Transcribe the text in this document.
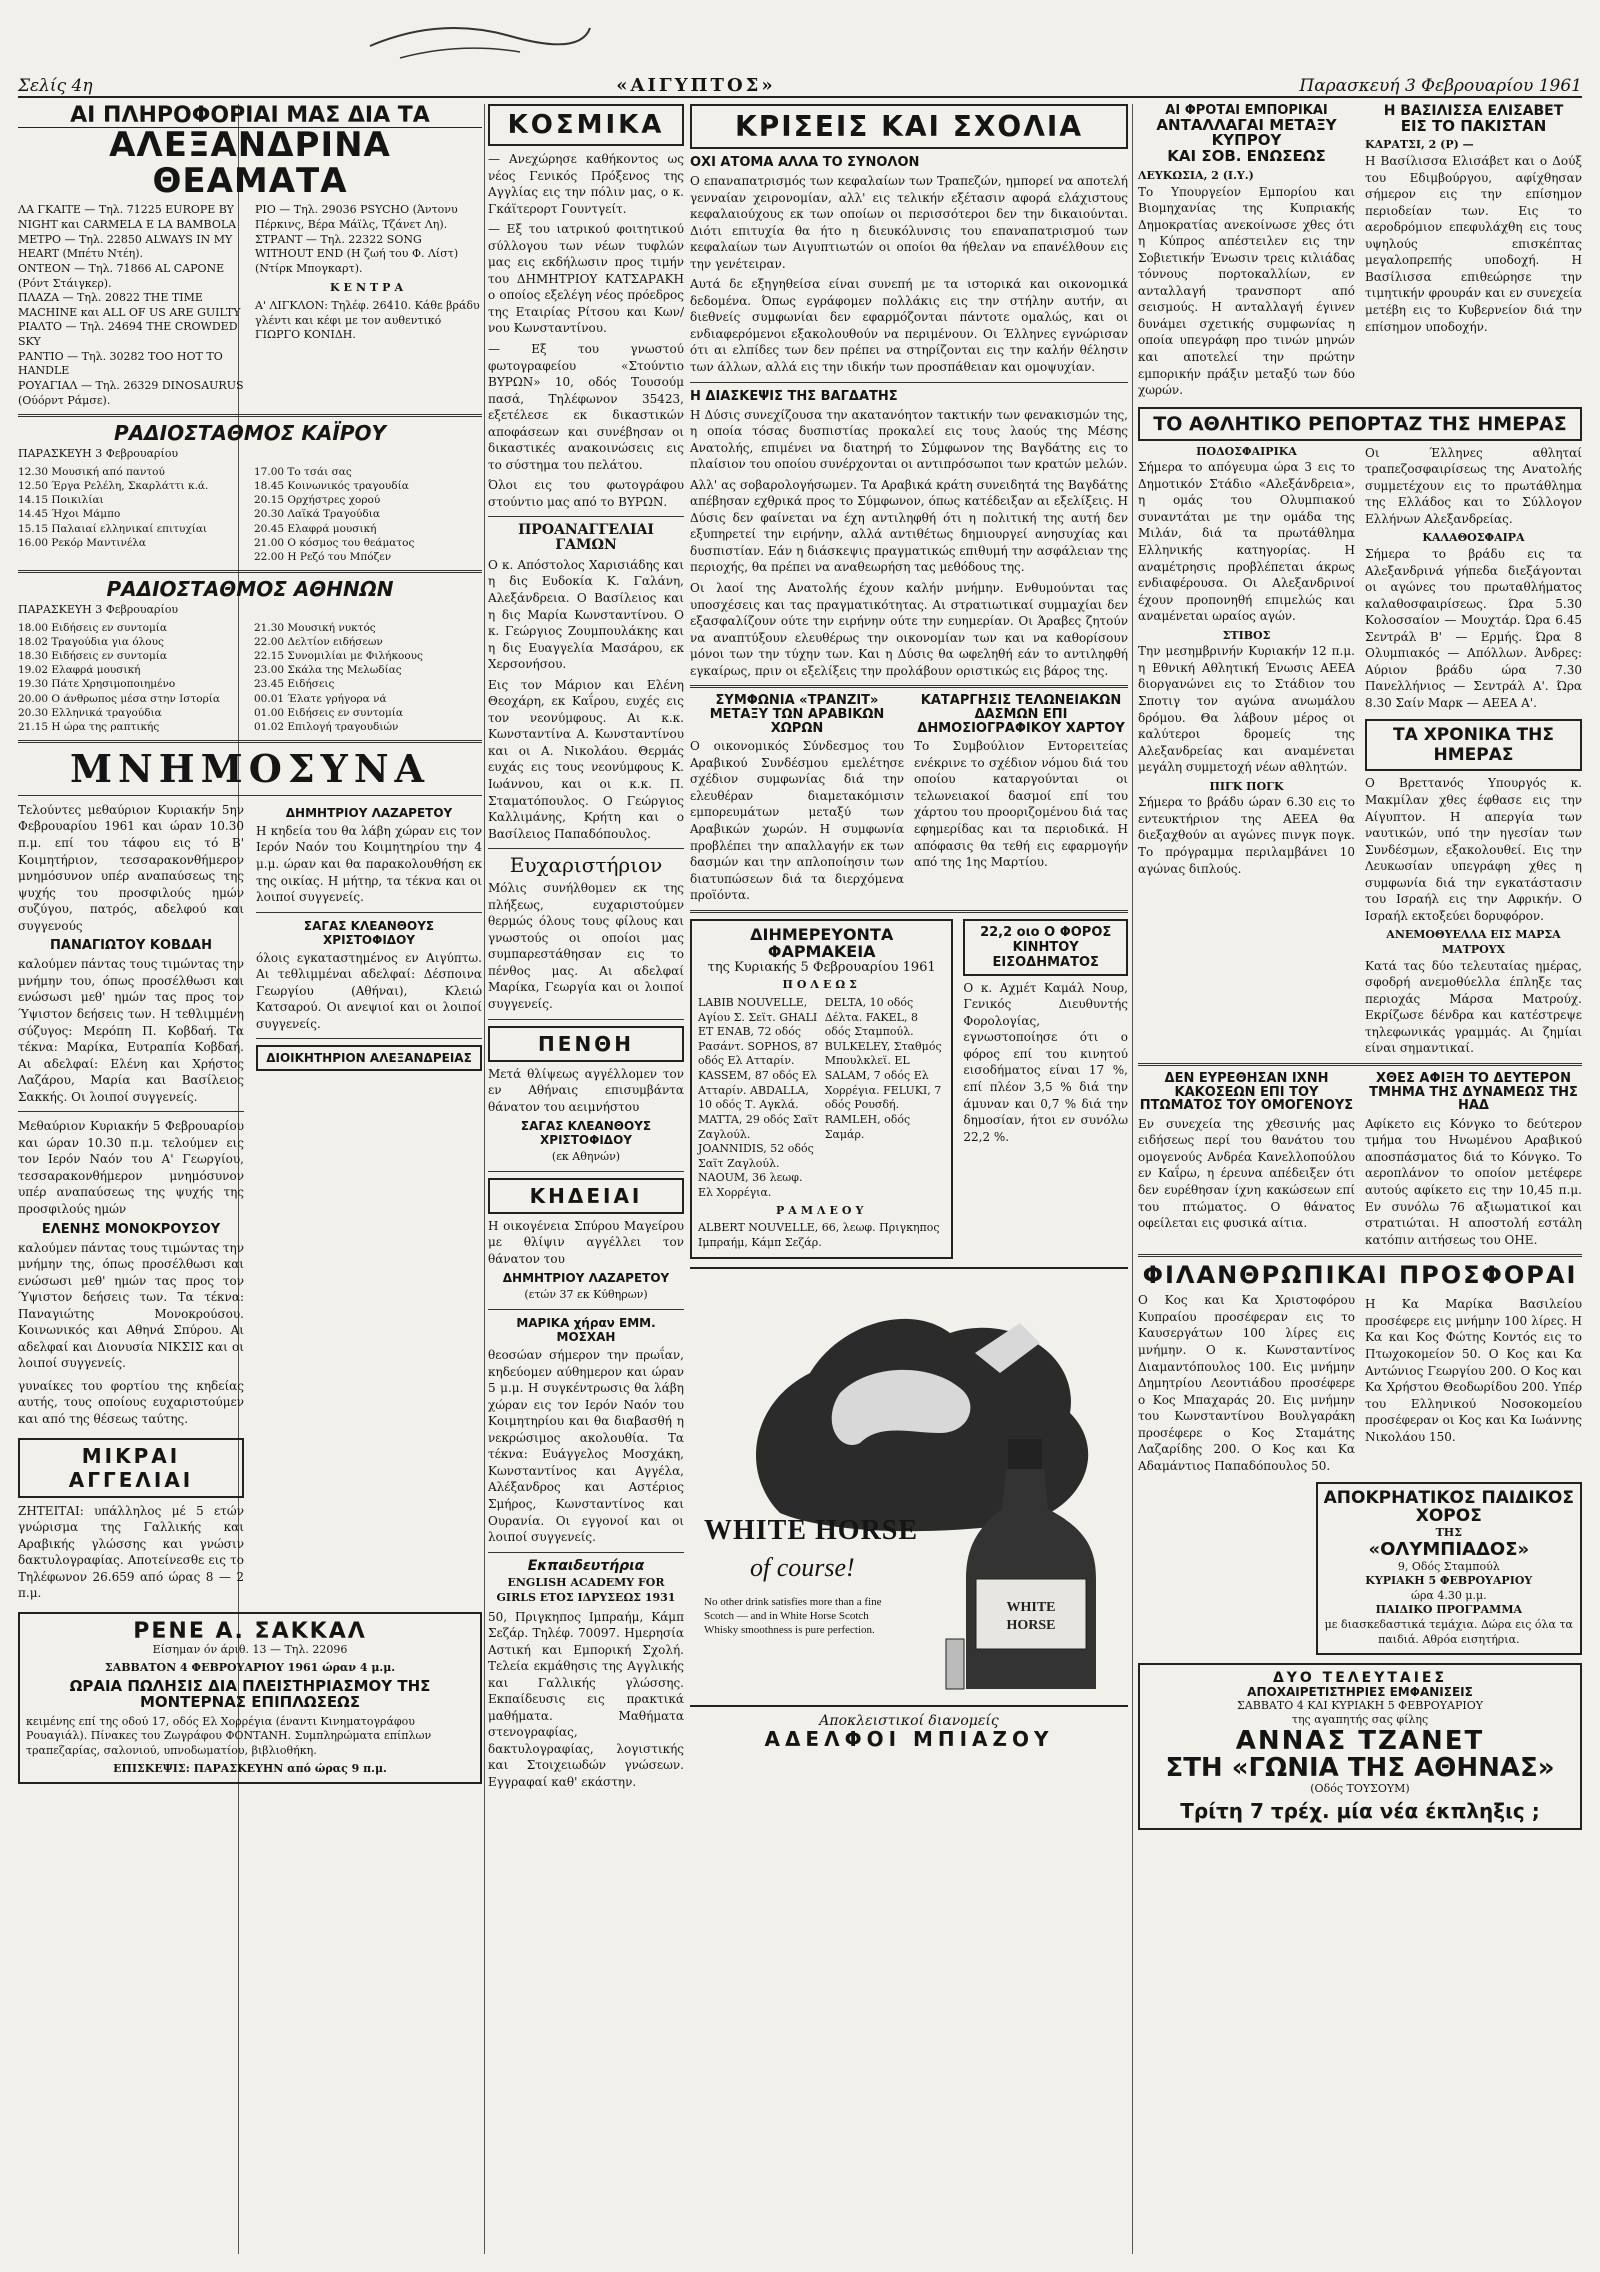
Σελίς 4η	«ΑΙΓΥΠΤΟΣ»	Παρασκευή 3 Φεβρουαρίου 1961
ΑΙ ΠΛΗΡΟΦΟΡΙΑΙ ΜΑΣ ΔΙΑ ΤΑ
ΑΛΕΞΑΝΔΡΙΝΑ ΘΕΑΜΑΤΑ
ΛΑ ΓΚΑΙΤΕ — Τηλ. 71225 EUROPE BY NIGHT και CARMELA E LA BAMBOLA
ΜΕΤΡΟ — Τηλ. 22850 ALWAYS IN MY HEART (Μπέτυ Ντέη).
ΟΝΤΕΟΝ — Τηλ. 71866 AL CAPONE (Ρόντ Στάιγκερ).
ΠΛΑΖΑ — Τηλ. 20822 THE TIME MACHINE και ALL OF US ARE GUILTY
ΡΙΑΛΤΟ — Τηλ. 24694 THE CROWDED SKY
ΡΑΝΤΙΟ — Τηλ. 30282 TOO HOT TO HANDLE
ΡΟΥΑΓΙΑΛ — Τηλ. 26329 DINOSAURUS (Ούόρντ Ράμσε).
ΡΙΟ — Τηλ. 29036 PSYCHO (Άντονυ Πέρκινς, Βέρα Μάϊλς, Τζάνετ Λη).
ΣΤΡΑΝΤ — Τηλ. 22322 SONG WITHOUT END (Η ζωή του Φ. Λίστ) (Ντίρκ Μπογκαρτ).
ΚΕΝΤΡΑ
Α' ΛΙΓΚΛΟΝ: Τηλέφ. 26410. Κάθε βράδυ γλέντι και κέφι με τον αυθεντικό ΓΙΩΡΓΟ ΚΟΝΙΔΗ.
ΡΑΔΙΟΣΤΑΘΜΟΣ ΚΑΪΡΟΥ
ΠΑΡΑΣΚΕΥΗ 3 Φεβρουαρίου
12.30 Μουσική από παντού
12.50 Έργα Ρελέλη, Σκαρλάττι κ.ά.
14.15 Ποικιλίαι
14.45 Ήχοι Μάμπο
15.15 Παλαιαί ελληνικαί επιτυχίαι
16.00 Ρεκόρ Μαντινέλα
17.00 Το τσάι σας
18.45 Κοινωνικός τραγουδία
20.15 Ορχήστρες χορού
20.30 Λαϊκά Τραγούδια
20.45 Ελαφρά μουσική
21.00 Ο κόσμος του θεάματος
22.00 Η Ρεζό του Μπόζεν
ΡΑΔΙΟΣΤΑΘΜΟΣ ΑΘΗΝΩΝ
ΠΑΡΑΣΚΕΥΗ 3 Φεβρουαρίου
18.00 Ειδήσεις εν συντομία
18.02 Τραγούδια για όλους
18.30 Ειδήσεις εν συντομία
19.02 Ελαφρά μουσική
19.30 Πάτε Χρησιμοποιημένο
20.00 Ο άνθρωπος μέσα στην Ιστορία
20.30 Ελληνικά τραγούδια
21.15 Η ώρα της ραπτικής
21.30 Μουσική νυκτός
22.00 Δελτίον ειδήσεων
22.15 Συνομιλίαι με Φιλήκοους
23.00 Σκάλα της Μελωδίας
23.45 Ειδήσεις
00.01 Έλατε γρήγορα νά
01.00 Ειδήσεις εν συντομία
01.02 Επιλογή τραγουδιών
ΜΝΗΜΟΣΥΝΑ
Τελούντες μεθαύριον Κυριακήν 5ην Φεβρουαρίου 1961 και ώραν 10.30 π.μ. επί του τάφου εις τό Β' Κοιμητήριον, τεσσαρακονθήμερον μνημόσυνον υπέρ αναπαύσεως της ψυχής του προσφιλούς ημών συζύγου, πατρός, αδελφού και συγγενούς
ΠΑΝΑΓΙΩΤΟΥ ΚΟΒΔΑΗ
καλούμεν πάντας τους τιμώντας την μνήμην του, όπως προσέλθωσι και ενώσωσι μεθ' ημών τας προς τον Ύψιστον δεήσεις των. Η τεθλιμμένη σύζυγος: Μερόπη Π. Κοβδαή. Τα τέκνα: Μαρίκα, Ευτραπία Κοβδαή. Αι αδελφαί: Ελένη και Χρήστος Λαζάρου, Μαρία και Βασίλειος Σακκής. Οι λοιποί συγγενείς.
Μεθαύριον Κυριακήν 5 Φεβρουαρίου και ώραν 10.30 π.μ. τελούμεν εις τον Ιερόν Ναόν του Α' Γεωργίου, τεσσαρακονθήμερον μνημόσυνον υπέρ αναπαύσεως της ψυχής της προσφιλούς ημών
ΕΛΕΝΗΣ ΜΟΝΟΚΡΟΥΣΟΥ
καλούμεν πάντας τους τιμώντας την μνήμην της, όπως προσέλθωσι και ενώσωσι μεθ' ημών τας προς τον Ύψιστον δεήσεις των. Τα τέκνα: Παναγιώτης Μονοκρούσου. Κοινωνικός και Αθηνά Σπύρου. Αι αδελφαί και Διονυσία ΝΙΚΣΙΣ και οι λοιποί συγγενείς.
γυναίκες του φορτίου της κηδείας αυτής, τους οποίους ευχαριστούμεν και από της θέσεως ταύτης.
ΜΙΚΡΑΙ ΑΓΓΕΛΙΑΙ
ΖΗΤΕΙΤΑΙ: υπάλληλος μέ 5 ετών γνώρισμα της Γαλλικής και Αραβικής γλώσσης και γνώσιν δακτυλογραφίας. Αποτείνεσθε εις το Τηλέφωνον 26.659 από ώρας 8 — 2 π.μ.
ΔΗΜΗΤΡΙΟΥ ΛΑΖΑΡΕΤΟΥ
Η κηδεία του θα λάβη χώραν εις τον Ιερόν Ναόν του Κοιμητηρίου την 4 μ.μ. ώραν και θα παρακολουθήση εκ της οικίας. Η μήτηρ, τα τέκνα και οι λοιποί συγγενείς.
ΣΑΓΑΣ ΚΛΕΑΝΘΟΥΣ ΧΡΙΣΤΟΦΙΔΟΥ
όλοις εγκαταστημένος εν Αιγύπτω. Αι τεθλιμμέναι αδελφαί: Δέσποινα Γεωργίου (Αθήναι), Κλειώ Κατσαρού. Οι ανεψιοί και οι λοιποί συγγενείς.
ΔΙΟΙΚΗΤΗΡΙΟΝ ΑΛΕΞΑΝΔΡΕΙΑΣ
ΡΕΝΕ Α. ΣΑΚΚΑΛ
Είσημαν όν άριθ. 13 — Τηλ. 22096
ΣΑΒΒΑΤΟΝ 4 ΦΕΒΡΟΥΑΡΙΟΥ 1961 ώραν 4 μ.μ.
ΩΡΑΙΑ ΠΩΛΗΣΙΣ ΔΙΑ ΠΛΕΙΣΤΗΡΙΑΣΜΟΥ ΤΗΣ ΜΟΝΤΕΡΝΑΣ ΕΠΙΠΛΩΣΕΩΣ
κειμένης επί της οδού 17, οδός Ελ Χορρέγια (έναντι Κινηματογράφου Ρουαγιάλ). Πίνακες του Ζωγράφου ΦΟΝΤΑΝΗ. Συμπληρώματα επίπλων τραπεζαρίας, σαλονιού, υπνοδωματίου, βιβλιοθήκη.
ΕΠΙΣΚΕΨΙΣ: ΠΑΡΑΣΚΕΥΗΝ από ώρας 9 π.μ.
ΚΟΣΜΙΚΑ
— Ανεχώρησε καθήκοντος ως νέος Γενικός Πρόξενος της Αγγλίας εις την πόλιν μας, ο κ. Γκάϊτερορτ Γουντγείτ.
— Εξ του ιατρικού φοιτητικού σύλλογου των νέων τυφλών μας εις εκδήλωσιν προς τιμήν του ΔΗΜΗΤΡΙΟΥ ΚΑΤΣΑΡΑΚΗ ο οποίος εξελέγη νέος πρόεδρος της Εταιρίας Ρίτσου και Κων/νου Κωνσταντίνου.
— Εξ του γνωστού φωτογραφείου «Στούντιο ΒΥΡΩΝ» 10, οδός Τουσούμ πασά, Τηλέφωνον 35423, εξετέλεσε εκ δικαστικών αποφάσεων και συνέβησαν οι δικαστικές ανακοινώσεις εις το σύστημα του πελάτου.
Όλοι εις του φωτογράφου στούντιο μας από το ΒΥΡΩΝ.
ΠΡΟΑΝΑΓΓΕΛΙΑΙ ΓΑΜΩΝ
Ο κ. Απόστολος Χαρισιάδης και η δις Ευδοκία Κ. Γαλάνη, Αλεξάνδρεια. Ο Βασίλειος και η δις Μαρία Κωνσταντίνου. Ο κ. Γεώργιος Ζουμπουλάκης και η δις Ευαγγελία Μασάρου, εκ Χερσονήσου.
Εις τον Μάριον και Ελένη Θεοχάρη, εκ Καΐρου, ευχές εις τον νεονύμφους. Αι κ.κ. Κωνσταντίνα Α. Κωνσταντίνου και οι Α. Νικολάου. Θερμάς ευχάς εις τους νεονύμφους Κ. Ιωάννου, και οι κ.κ. Π. Σταματόπουλος. Ο Γεώργιος Καλλιμάνης, Κρήτη και ο Βασίλειος Παπαδόπουλος.
Ευχαριστήριον
Μόλις συνήλθομεν εκ της πλήξεως, ευχαριστούμεν θερμώς όλους τους φίλους και γνωστούς οι οποίοι μας συμπαρεστάθησαν εις το πένθος μας. Αι αδελφαί Μαρίκα, Γεωργία και οι λοιποί συγγενείς.
ΠΕΝΘΗ
Μετά θλίψεως αγγέλλομεν τον εν Αθήναις επισυμβάντα θάνατον του αειμνήστου
ΣΑΓΑΣ ΚΛΕΑΝΘΟΥΣ ΧΡΙΣΤΟΦΙΔΟΥ
(εκ Αθηνών)
ΚΗΔΕΙΑΙ
Η οικογένεια Σπύρου Μαγείρου με θλίψιν αγγέλλει τον θάνατον του
ΔΗΜΗΤΡΙΟΥ ΛΑΖΑΡΕΤΟΥ
(ετών 37 εκ Κύθηρων)
ΜΑΡΙΚΑ χήραν ΕΜΜ. ΜΟΣΧΑΗ
θεοσώαν σήμερον την πρωΐαν, κηδεύομεν αύθημερον και ώραν 5 μ.μ. Η συγκέντρωσις θα λάβη χώραν εις τον Ιερόν Ναόν του Κοιμητηρίου και θα διαβασθή η νεκρώσιμος ακολουθία. Τα τέκνα: Ευάγγελος Μοσχάκη, Κωνσταντίνος και Αγγέλα, Αλέξανδρος και Αστέριος Σμήρος, Κωνσταντίνος και Ουρανία. Οι εγγονοί και οι λοιποί συγγενείς.
Εκπαιδευτήρια
ENGLISH ACADEMY FOR GIRLS ΕΤΟΣ ΙΔΡΥΣΕΩΣ 1931
50, Πριγκηπος Ιμπραήμ, Κάμπ Σεζάρ. Τηλέφ. 70097. Ημερησία Αστική και Εμπορική Σχολή. Τελεία εκμάθησις της Αγγλικής και Γαλλικής γλώσσης. Εκπαίδευσις εις πρακτικά μαθήματα. Μαθήματα στενογραφίας, δακτυλογραφίας, λογιστικής και Στοιχειωδών γνώσεων. Εγγραφαί καθ' εκάστην.
ΚΡΙΣΕΙΣ ΚΑΙ ΣΧΟΛΙΑ
ΟΧΙ ΑΤΟΜΑ ΑΛΛΑ ΤΟ ΣΥΝΟΛΟΝ
Ο επαναπατρισμός των κεφαλαίων των Τραπεζών, ημπορεί να αποτελή γενναίαν χειρονομίαν, αλλ' εις τελικήν εξέτασιν αφορά ελάχιστους κεφαλαιούχους εκ των οποίων οι περισσότεροι δεν την δικαιούνται. Διότι επιτυχία θα ήτο η διευκόλυνσις του επαναπατρισμού των κεφαλαίων των Αιγυπτιωτών οι οποίοι θα ήθελαν να επανέλθουν εις την γενέτειραν.
Αυτά δε εξηγηθείσα είναι συνεπή με τα ιστορικά και οικονομικά δεδομένα. Όπως εγράφομεν πολλάκις εις την στήλην αυτήν, αι διεθνείς συμφωνίαι δεν εφαρμόζονται πάντοτε ομαλώς, και οι ενδιαφερόμενοι εξακολουθούν να περιμένουν. Οι Έλληνες εγνώρισαν ότι αι ελπίδες των δεν πρέπει να στηρίζονται εις την καλήν θέλησιν των άλλων, αλλά εις την ιδικήν των προσπάθειαν και ομοψυχίαν.
Η ΔΙΑΣΚΕΨΙΣ ΤΗΣ ΒΑΓΔΑΤΗΣ
Η Δύσις συνεχίζουσα την ακατανόητον τακτικήν των φενακισμών της, η οποία τόσας δυσπιστίας προκαλεί εις τους λαούς της Μέσης Ανατολής, επιμένει να διατηρή το Σύμφωνον της Βαγδάτης εις το πλαίσιον του οποίου συνέρχονται οι αντιπρόσωποι των κρατών μελών.
Αλλ' ας σοβαρολογήσωμεν. Τα Αραβικά κράτη συνειδητά της Βαγδάτης απέβησαν εχθρικά προς το Σύμφωνον, όπως κατέδειξαν αι εξελίξεις. Η Δύσις δεν φαίνεται να έχη αντιληφθή ότι η πολιτική της αυτή δεν εξυπηρετεί την ειρήνην, αλλά αντιθέτως δημιουργεί ανησυχίας και δυσπιστίαν. Εάν η διάσκεψις πραγματικώς επιθυμή την ασφάλειαν της περιοχής, θα πρέπει να αναθεωρήση τας μεθόδους της.
Οι λαοί της Ανατολής έχουν καλήν μνήμην. Ενθυμούνται τας υποσχέσεις και τας πραγματικότητας. Αι στρατιωτικαί συμμαχίαι δεν εξασφαλίζουν ούτε την ειρήνην ούτε την ευημερίαν. Οι Άραβες ζητούν να αναπτύξουν ελευθέρως την οικονομίαν των και να καθορίσουν μόνοι των την τύχην των. Και η Δύσις θα ωφεληθή εάν το αντιληφθή εγκαίρως, πριν οι εξελίξεις την προλάβουν οριστικώς εις βάρος της.
ΣΥΜΦΩΝΙΑ «ΤΡΑΝΖΙΤ» ΜΕΤΑΞΥ ΤΩΝ ΑΡΑΒΙΚΩΝ ΧΩΡΩΝ
Ο οικονομικός Σύνδεσμος του Αραβικού Συνδέσμου εμελέτησε σχέδιον συμφωνίας διά την ελευθέραν διαμετακόμισιν εμπορευμάτων μεταξύ των Αραβικών χωρών. Η συμφωνία προβλέπει την απαλλαγήν εκ των δασμών και την απλοποίησιν των διατυπώσεων διά τα διερχόμενα προϊόντα.
ΚΑΤΑΡΓΗΣΙΣ ΤΕΛΩΝΕΙΑΚΩΝ ΔΑΣΜΩΝ ΕΠΙ ΔΗΜΟΣΙΟΓΡΑΦΙΚΟΥ ΧΑΡΤΟΥ
Το Συμβούλιον Εντορειτείας ενέκρινε το σχέδιον νόμου διά του οποίου καταργούνται οι τελωνειακοί δασμοί επί του χάρτου του προοριζομένου διά τας εφημερίδας και τα περιοδικά. Η απόφασις θα τεθή εις εφαρμογήν από της 1ης Μαρτίου.
ΔΙΗΜΕΡΕΥΟΝΤΑ ΦΑΡΜΑΚΕΙΑ
της Κυριακής 5 Φεβρουαρίου 1961
ΠΟΛΕΩΣ
LABIB NOUVELLE, Αγίου Σ. Σεϊτ. GHALI ET ENAB, 72 οδός Ρασάντ. SOPHOS, 87 οδός Ελ Ατταρίν. KASSEM, 87 οδός Ελ Ατταρίν. ABDALLA, 10 οδός Τ. Αγκλά. MATTA, 29 οδός Σαϊτ Ζαγλούλ. JOANNIDIS, 52 οδός Σαϊτ Ζαγλούλ. NAOUM, 36 λεωφ. Ελ Χορρέγια.
DELTA, 10 οδός Δέλτα. FAKEL, 8 οδός Σταμπούλ. BULKELEY, Σταθμός Μπουλκλεϊ. EL SALAM, 7 οδός Ελ Χορρέγια. FELUKI, 7 οδός Ρουσδή. RAMLEH, οδός Σαμάρ.
ΡΑΜΛΕΟΥ
ALBERT NOUVELLE, 66, λεωφ. Πριγκηπος Ιμπραήμ, Κάμπ Σεζάρ.
22,2 οιο Ο ΦΟΡΟΣ ΚΙΝΗΤΟΥ ΕΙΣΟΔΗΜΑΤΟΣ
Ο κ. Αχμέτ Καμάλ Νουρ, Γενικός Διευθυντής Φορολογίας, εγνωστοποίησε ότι ο φόρος επί του κινητού εισοδήματος είναι 17 %, επί πλέον 3,5 % διά την άμυναν και 0,7 % διά την δημοσίαν, ήτοι εν συνόλω 22,2 %.
WHITE HORSE
of course!
No other drink satisfies more than a fine Scotch — and in White Horse Scotch Whisky smoothness is pure perfection.
WHITE
HORSE
Αποκλειστικοί διανομείς
ΑΔΕΛΦΟΙ ΜΠΙΑΖΟΥ
ΑΙ ΦΡΟΤΑΙ ΕΜΠΟΡΙΚΑΙ
ΑΝΤΑΛΛΑΓΑΙ ΜΕΤΑΞΥ ΚΥΠΡΟΥ
ΚΑΙ ΣΟΒ. ΕΝΩΣΕΩΣ
ΛΕΥΚΩΣΙΑ, 2 (Ι.Υ.)
Το Υπουργείον Εμπορίου και Βιομηχανίας της Κυπριακής Δημοκρατίας ανεκοίνωσε χθες ότι η Κύπρος απέστειλεν εις την Σοβιετικήν Ένωσιν τρεις κιλιάδας τόννους πορτοκαλλίων, εν ανταλλαγή τρανσπορτ από σεισμούς. Η ανταλλαγή έγινεν δυνάμει σχετικής συμφωνίας η οποία υπεγράφη προ τινών μηνών και αποτελεί την πρώτην εμπορικήν πράξιν μεταξύ των δύο χωρών.
Η ΒΑΣΙΛΙΣΣΑ ΕΛΙΣΑΒΕΤ
ΕΙΣ ΤΟ ΠΑΚΙΣΤΑΝ
ΚΑΡΑΤΣΙ, 2 (Ρ) —
Η Βασίλισσα Ελισάβετ και ο Δούξ του Εδιμβούργου, αφίχθησαν σήμερον εις την επίσημον περιοδείαν των. Εις το αεροδρόμιον επεφυλάχθη εις τους υψηλούς επισκέπτας μεγαλοπρεπής υποδοχή. Η Βασίλισσα επιθεώρησε την τιμητικήν φρουράν και εν συνεχεία μετέβη εις το Κυβερνείον διά την επίσημον υποδοχήν.
ΤΟ ΑΘΛΗΤΙΚΟ ΡΕΠΟΡΤΑΖ ΤΗΣ ΗΜΕΡΑΣ
ΠΟΔΟΣΦΑΙΡΙΚΑ
Σήμερα το απόγευμα ώρα 3 εις το Δημοτικόν Στάδιο «Αλεξάνδρεια», η ομάς του Ολυμπιακού συναντάται με την ομάδα της Μιλάν, διά τα πρωτάθλημα Ελληνικής κατηγορίας. Η αναμέτρησις προβλέπεται άκρως ενδιαφέρουσα. Οι Αλεξανδρινοί έχουν προπονηθή επιμελώς και αναμένεται ωραίος αγών.
ΣΤΙΒΟΣ
Την μεσημβρινήν Κυριακήν 12 π.μ. η Εθνική Αθλητική Ένωσις ΑΕΕΑ διοργανώνει εις το Στάδιον του Σποτιγ τον αγώνα ανωμάλου δρόμου. Θα λάβουν μέρος οι καλύτεροι δρομείς της Αλεξανδρείας και αναμένεται μεγάλη συμμετοχή νέων αθλητών.
ΠΙΓΚ ΠΟΓΚ
Σήμερα το βράδυ ώραν 6.30 εις το εντευκτήριον της ΑΕΕΑ θα διεξαχθούν αι αγώνες πινγκ πογκ. Το πρόγραμμα περιλαμβάνει 10 αγώνας διπλούς.
Οι Έλληνες αθληταί τραπεζοσφαιρίσεως της Ανατολής συμμετέχουν εις το πρωτάθλημα της Ελλάδος και το Σύλλογον Ελλήνων Αλεξανδρείας.
ΚΑΛΑΘΟΣΦΑΙΡΑ
Σήμερα το βράδυ εις τα Αλεξανδρινά γήπεδα διεξάγονται οι αγώνες του πρωταθλήματος καλαθοσφαιρίσεως. Ώρα 5.30 Κολοσσαίον — Μουχτάρ. Ώρα 6.45 Σεντράλ Β' — Ερμής. Ώρα 8 Ολυμπιακός — Απόλλων. Άνδρες: Αύριον βράδυ ώρα 7.30 Πανελλήνιος — Σεντράλ Α'. Ώρα 8.30 Σαίν Μαρκ — ΑΕΕΑ Α'.
ΤΑ ΧΡΟΝΙΚΑ ΤΗΣ ΗΜΕΡΑΣ
Ο Βρεττανός Υπουργός κ. Μακμίλαν χθες έφθασε εις την Αίγυπτον. Η απεργία των ναυτικών, υπό την ηγεσίαν των Συνδέσμων, εξακολουθεί. Εις την Λευκωσίαν υπεγράφη χθες η συμφωνία διά την εγκατάστασιν του Ισραήλ εις την Αφρικήν. Ο Ισραήλ εκτοξεύει δορυφόρον.
ΑΝΕΜΟΘΥΕΛΛΑ ΕΙΣ ΜΑΡΣΑ ΜΑΤΡΟΥΧ
Κατά τας δύο τελευταίας ημέρας, σφοδρή ανεμοθύελλα έπληξε τας περιοχάς Μάρσα Ματρούχ. Εκρίζωσε δένδρα και κατέστρεψε τηλεφωνικάς γραμμάς. Αι ζημίαι είναι σημαντικαί.
ΔΕΝ ΕΥΡΕΘΗΣΑΝ ΙΧΝΗ ΚΑΚΟΣΕΩΝ ΕΠΙ ΤΟΥ ΠΤΩΜΑΤΟΣ ΤΟΥ ΟΜΟΓΕΝΟΥΣ
Εν συνεχεία της χθεσινής μας ειδήσεως περί του θανάτου του ομογενούς Ανδρέα Κανελλοπούλου εν Καΐρω, η έρευνα απέδειξεν ότι δεν ευρέθησαν ίχνη κακώσεων επί του πτώματος. Ο θάνατος οφείλεται εις φυσικά αίτια.
ΧΘΕΣ ΑΦΙΞΗ ΤΟ ΔΕΥΤΕΡΟΝ ΤΜΗΜΑ ΤΗΣ ΔΥΝΑΜΕΩΣ ΤΗΣ ΗΑΔ
Αφίκετο εις Κόνγκο το δεύτερον τμήμα του Ηνωμένου Αραβικού αποσπάσματος διά το Κόνγκο. Το αεροπλάνον το οποίον μετέφερε αυτούς αφίκετο εις την 10,45 π.μ. Εν συνόλω 76 αξιωματικοί και στρατιώται. Η αποστολή εστάλη κατόπιν αιτήσεως του ΟΗΕ.
ΦΙΛΑΝΘΡΩΠΙΚΑΙ ΠΡΟΣΦΟΡΑΙ
Ο Κος και Κα Χριστοφόρου Κυπραίου προσέφεραν εις το Καυσεργάτων 100 λίρες εις μνήμην. Ο κ. Κωνσταντίνος Διαμαντόπουλος 100. Εις μνήμην Δημητρίου Λεοντιάδου προσέφερε ο Κος Μπαχαράς 20. Εις μνήμην του Κωνσταντίνου Βουλγαράκη προσέφερε ο Κος Σταμάτης Λαζαρίδης 200. Ο Κος και Κα Αδαμάντιος Παπαδόπουλος 50.
Η Κα Μαρίκα Βασιλείου προσέφερε εις μνήμην 100 λίρες. Η Κα και Κος Φώτης Κοντός εις το Πτωχοκομείον 50. Ο Κος και Κα Αντώνιος Γεωργίου 200. Ο Κος και Κα Χρήστου Θεοδωρίδου 200. Υπέρ του Ελληνικού Νοσοκομείου προσέφεραν οι Κος και Κα Ιωάννης Νικολάου 150.
ΑΠΟΚΡΗΑΤΙΚΟΣ ΠΑΙΔΙΚΟΣ ΧΟΡΟΣ
ΤΗΣ
«ΟΛΥΜΠΙΑΔΟΣ»
9, Οδός Σταμπούλ
ΚΥΡΙΑΚΗ 5 ΦΕΒΡΟΥΑΡΙΟΥ
ώρα 4.30 μ.μ.
ΠΑΙΔΙΚΟ ΠΡΟΓΡΑΜΜΑ
με διασκεδαστικά τεμάχια. Δώρα εις όλα τα παιδιά. Αθρόα εισητήρια.
ΔΥΟ ΤΕΛΕΥΤΑΙΕΣ
ΑΠΟΧΑΙΡΕΤΙΣΤΗΡΙΕΣ ΕΜΦΑΝΙΣΕΙΣ
ΣΑΒΒΑΤΟ 4 ΚΑΙ ΚΥΡΙΑΚΗ 5 ΦΕΒΡΟΥΑΡΙΟΥ
της αγαπητής σας φίλης
ΑΝΝΑΣ ΤΖΑΝΕΤ
ΣΤΗ «ΓΩΝΙΑ ΤΗΣ ΑΘΗΝΑΣ»
(Οδός ΤΟΥΣΟΥΜ)
Τρίτη 7 τρέχ. μία νέα έκπληξις ;
